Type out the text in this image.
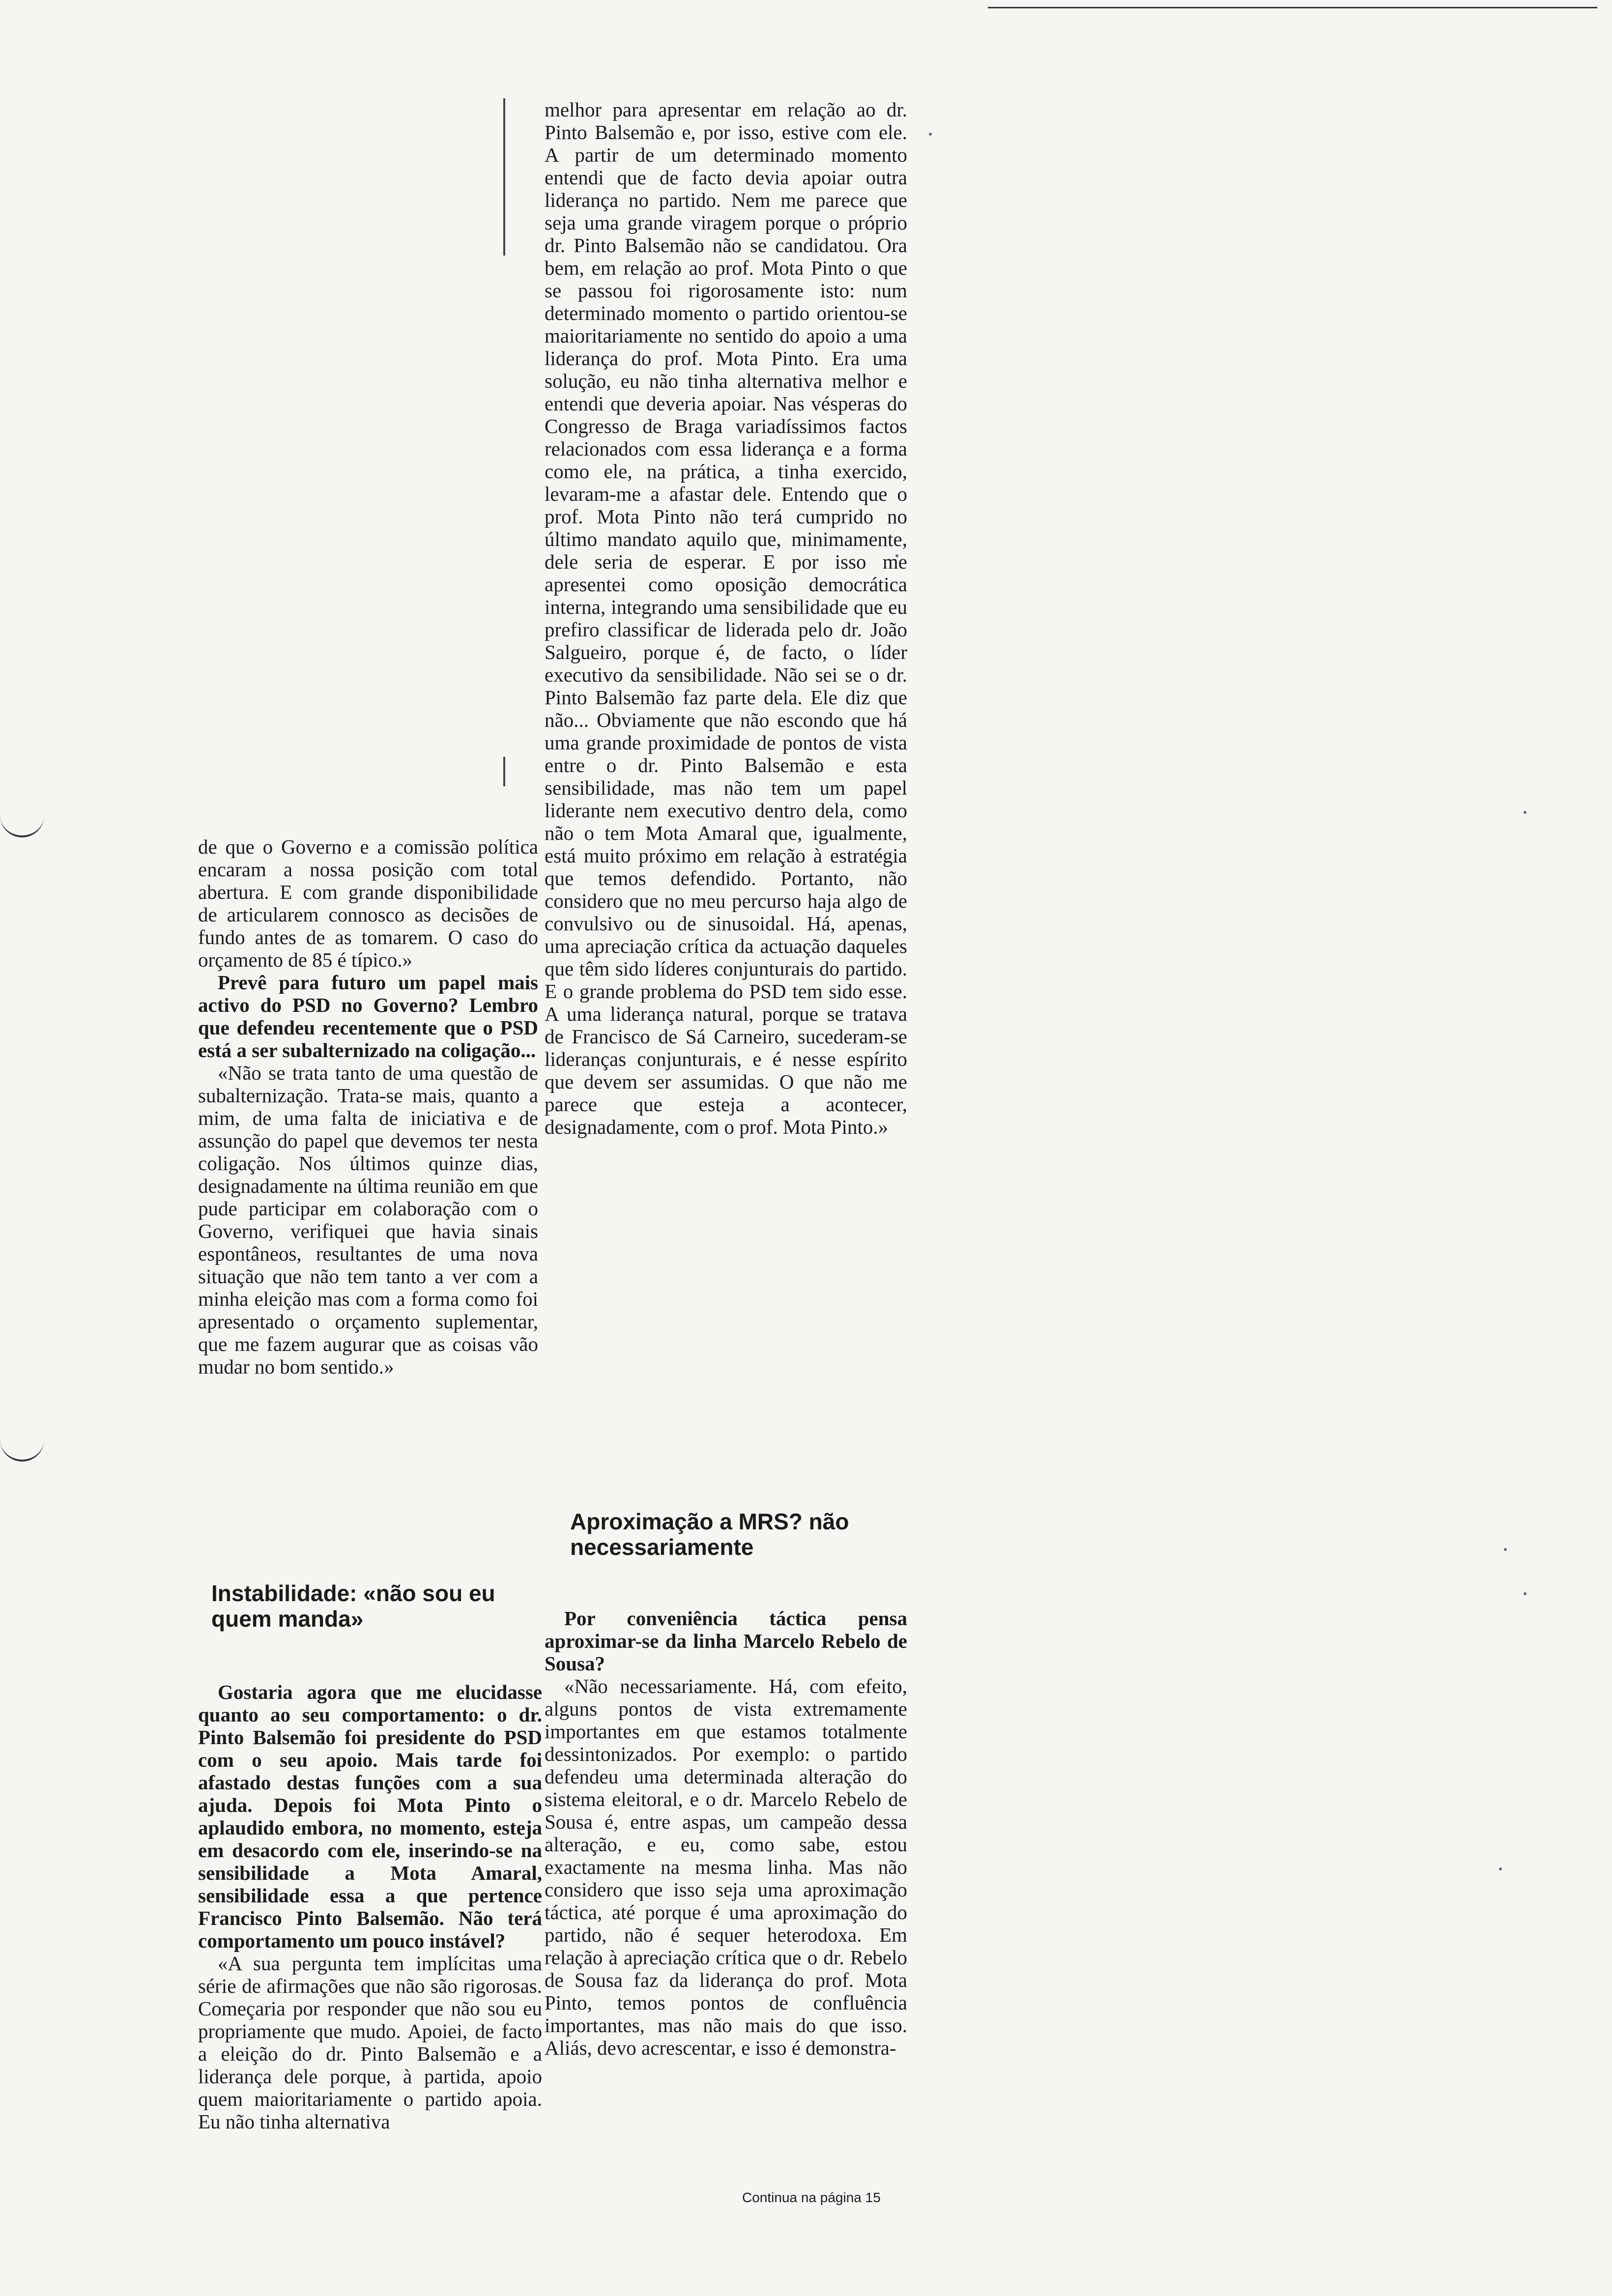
de que o Governo e a comissão política encaram a nossa posição com total abertura. E com grande disponibilidade de articularem connosco as decisões de fundo antes de as tomarem. O caso do orçamento de 85 é típico.»

Prevê para futuro um papel mais activo do PSD no Governo? Lembro que defendeu recentemente que o PSD está a ser subalternizado na coligação...

«Não se trata tanto de uma questão de subalternização. Trata-se mais, quanto a mim, de uma falta de iniciativa e de assunção do papel que devemos ter nesta coligação. Nos últimos quinze dias, designadamente na última reunião em que pude participar em colaboração com o Governo, verifiquei que havia sinais espontâneos, resultantes de uma nova situação que não tem tanto a ver com a minha eleição mas com a forma como foi apresentado o orçamento suplementar, que me fazem augurar que as coisas vão mudar no bom sentido.»

Instabilidade: «não sou eu quem manda»

Gostaria agora que me elucidasse quanto ao seu comportamento: o dr. Pinto Balsemão foi presidente do PSD com o seu apoio. Mais tarde foi afastado destas funções com a sua ajuda. Depois foi Mota Pinto o aplaudido embora, no momento, esteja em desacordo com ele, inserindo-se na sensibilidade a Mota Amaral, sensibilidade essa a que pertence Francisco Pinto Balsemão. Não terá comportamento um pouco instável?

«A sua pergunta tem implícitas uma série de afirmações que não são rigorosas. Começaria por responder que não sou eu propriamente que mudo. Apoiei, de facto a eleição do dr. Pinto Balsemão e a liderança dele porque, à partida, apoio quem maioritariamente o partido apoia. Eu não tinha alternativa

melhor para apresentar em relação ao dr. Pinto Balsemão e, por isso, estive com ele. A partir de um determinado momento entendi que de facto devia apoiar outra liderança no partido. Nem me parece que seja uma grande viragem porque o próprio dr. Pinto Balsemão não se candidatou. Ora bem, em relação ao prof. Mota Pinto o que se passou foi rigorosamente isto: num determinado momento o partido orientou-se maioritariamente no sentido do apoio a uma liderança do prof. Mota Pinto. Era uma solução, eu não tinha alternativa melhor e entendi que deveria apoiar. Nas vésperas do Congresso de Braga variadíssimos factos relacionados com essa liderança e a forma como ele, na prática, a tinha exercido, levaram-me a afastar dele. Entendo que o prof. Mota Pinto não terá cumprido no último mandato aquilo que, minimamente, dele seria de esperar. E por isso me apresentei como oposição democrática interna, integrando uma sensibilidade que eu prefiro classificar de liderada pelo dr. João Salgueiro, porque é, de facto, o líder executivo da sensibilidade. Não sei se o dr. Pinto Balsemão faz parte dela. Ele diz que não... Obviamente que não escondo que há uma grande proximidade de pontos de vista entre o dr. Pinto Balsemão e esta sensibilidade, mas não tem um papel liderante nem executivo dentro dela, como não o tem Mota Amaral que, igualmente, está muito próximo em relação à estratégia que temos defendido. Portanto, não considero que no meu percurso haja algo de convulsivo ou de sinusoidal. Há, apenas, uma apreciação crítica da actuação daqueles que têm sido líderes conjunturais do partido. E o grande problema do PSD tem sido esse. A uma liderança natural, porque se tratava de Francisco de Sá Carneiro, sucederam-se lideranças conjunturais, e é nesse espírito que devem ser assumidas. O que não me parece que esteja a acontecer, designadamente, com o prof. Mota Pinto.»

Aproximação a MRS? não necessariamente

Por conveniência táctica pensa aproximar-se da linha Marcelo Rebelo de Sousa?

«Não necessariamente. Há, com efeito, alguns pontos de vista extremamente importantes em que estamos totalmente dessintonizados. Por exemplo: o partido defendeu uma determinada alteração do sistema eleitoral, e o dr. Marcelo Rebelo de Sousa é, entre aspas, um campeão dessa alteração, e eu, como sabe, estou exactamente na mesma linha. Mas não considero que isso seja uma aproximação táctica, até porque é uma aproximação do partido, não é sequer heterodoxa. Em relação à apreciação crítica que o dr. Rebelo de Sousa faz da liderança do prof. Mota Pinto, temos pontos de confluência importantes, mas não mais do que isso. Aliás, devo acrescentar, e isso é demonstra-

Continua na página 15
